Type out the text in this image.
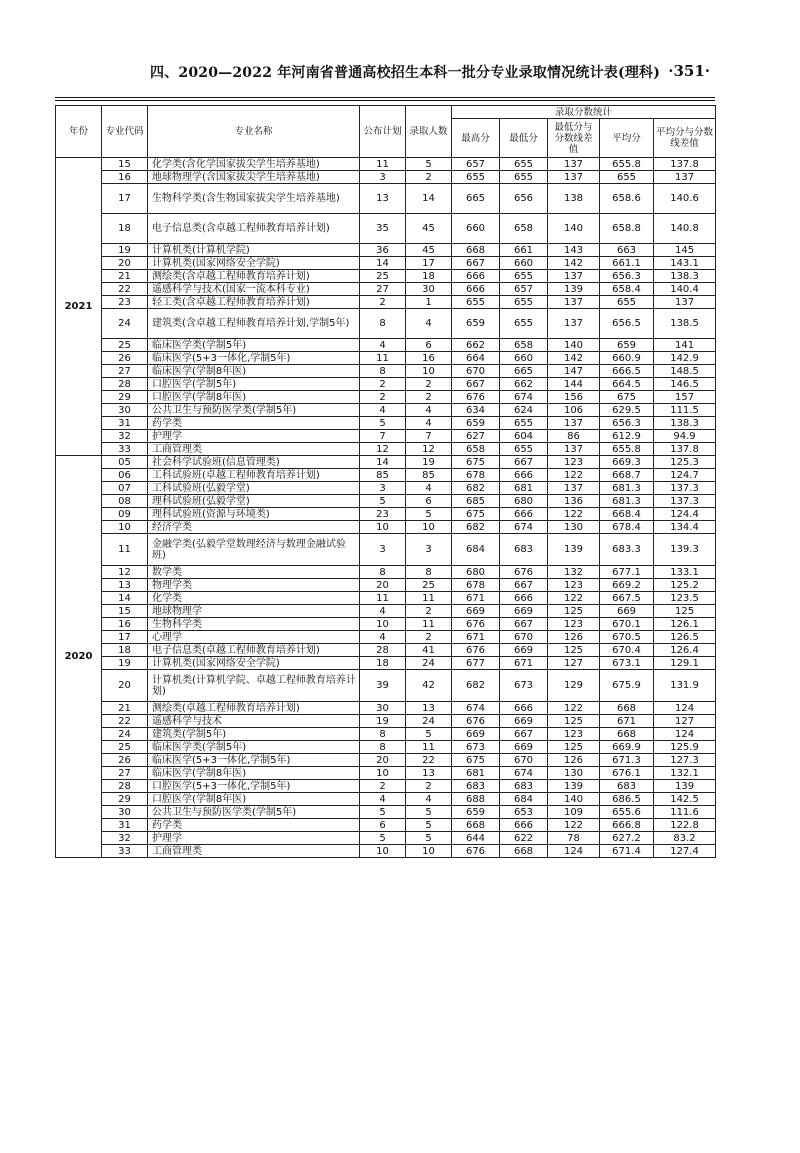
四、2020—2022 年河南省普通高校招生本科一批分专业录取情况统计表(理科) ·351·
年份	专业代码	专业名称	公布计划	录取人数	录取分数统计				
					最高分	最低分	最低分与分数线差值	平均分	平均分与分数线差值
2021	15	化学类(含化学国家拔尖学生培养基地)	11	5	657	655	137	655.8	137.8
	16	地球物理学(含国家拔尖学生培养基地)	3	2	655	655	137	655	137
	17	生物科学类(含生物国家拔尖学生培养基地)	13	14	665	656	138	658.6	140.6
	18	电子信息类(含卓越工程师教育培养计划)	35	45	660	658	140	658.8	140.8
	19	计算机类(计算机学院)	36	45	668	661	143	663	145
	20	计算机类(国家网络安全学院)	14	17	667	660	142	661.1	143.1
	21	测绘类(含卓越工程师教育培养计划)	25	18	666	655	137	656.3	138.3
	22	遥感科学与技术(国家一流本科专业)	27	30	666	657	139	658.4	140.4
	23	轻工类(含卓越工程师教育培养计划)	2	1	655	655	137	655	137
	24	建筑类(含卓越工程师教育培养计划,学制5年)	8	4	659	655	137	656.5	138.5
	25	临床医学类(学制5年)	4	6	662	658	140	659	141
	26	临床医学(5+3一体化,学制5年)	11	16	664	660	142	660.9	142.9
	27	临床医学(学制8年医)	8	10	670	665	147	666.5	148.5
	28	口腔医学(学制5年)	2	2	667	662	144	664.5	146.5
	29	口腔医学(学制8年医)	2	2	676	674	156	675	157
	30	公共卫生与预防医学类(学制5年)	4	4	634	624	106	629.5	111.5
	31	药学类	5	4	659	655	137	656.3	138.3
	32	护理学	7	7	627	604	86	612.9	94.9
	33	工商管理类	12	12	658	655	137	655.8	137.8
2020	05	社会科学试验班(信息管理类)	14	19	675	667	123	669.3	125.3
	06	工科试验班(卓越工程师教育培养计划)	85	85	678	666	122	668.7	124.7
	07	工科试验班(弘毅学堂)	3	4	682	681	137	681.3	137.3
	08	理科试验班(弘毅学堂)	5	6	685	680	136	681.3	137.3
	09	理科试验班(资源与环境类)	23	5	675	666	122	668.4	124.4
	10	经济学类	10	10	682	674	130	678.4	134.4
	11	金融学类(弘毅学堂数理经济与数理金融试验班)	3	3	684	683	139	683.3	139.3
	12	数学类	8	8	680	676	132	677.1	133.1
	13	物理学类	20	25	678	667	123	669.2	125.2
	14	化学类	11	11	671	666	122	667.5	123.5
	15	地球物理学	4	2	669	669	125	669	125
	16	生物科学类	10	11	676	667	123	670.1	126.1
	17	心理学	4	2	671	670	126	670.5	126.5
	18	电子信息类(卓越工程师教育培养计划)	28	41	676	669	125	670.4	126.4
	19	计算机类(国家网络安全学院)	18	24	677	671	127	673.1	129.1
	20	计算机类(计算机学院、卓越工程师教育培养计划)	39	42	682	673	129	675.9	131.9
	21	测绘类(卓越工程师教育培养计划)	30	13	674	666	122	668	124
	22	遥感科学与技术	19	24	676	669	125	671	127
	24	建筑类(学制5年)	8	5	669	667	123	668	124
	25	临床医学类(学制5年)	8	11	673	669	125	669.9	125.9
	26	临床医学(5+3一体化,学制5年)	20	22	675	670	126	671.3	127.3
	27	临床医学(学制8年医)	10	13	681	674	130	676.1	132.1
	28	口腔医学(5+3一体化,学制5年)	2	2	683	683	139	683	139
	29	口腔医学(学制8年医)	4	4	688	684	140	686.5	142.5
	30	公共卫生与预防医学类(学制5年)	5	5	659	653	109	655.6	111.6
	31	药学类	6	5	668	666	122	666.8	122.8
	32	护理学	5	5	644	622	78	627.2	83.2
	33	工商管理类	10	10	676	668	124	671.4	127.4
